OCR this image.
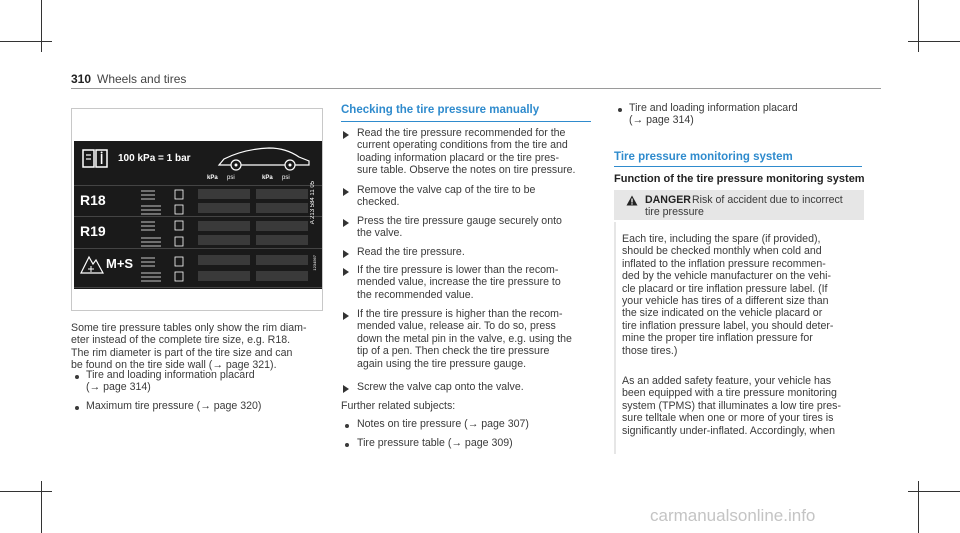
310 Wheels and tires
100 kPa = 1 bar
kPa psi	kPa psi
R18
R19
M+S
A 213 584 11 05
1234567
Some tire pressure tables only show the rim diam-
eter instead of the complete tire size, e.g. R18.
The rim diameter is part of the tire size and can
be found on the tire side wall (→ page 321).
Tire and loading information placard
(→ page 314)
Maximum tire pressure (→ page 320)
Checking the tire pressure manually
Read the tire pressure recommended for the
current operating conditions from the tire and
loading information placard or the tire pres-
sure table. Observe the notes on tire pressure.
Remove the valve cap of the tire to be
checked.
Press the tire pressure gauge securely onto
the valve.
Read the tire pressure.
If the tire pressure is lower than the recom-
mended value, increase the tire pressure to
the recommended value.
If the tire pressure is higher than the recom-
mended value, release air. To do so, press
down the metal pin in the valve, e.g. using the
tip of a pen. Then check the tire pressure
again using the tire pressure gauge.
Screw the valve cap onto the valve.
Further related subjects:
Notes on tire pressure (→ page 307)
Tire pressure table (→ page 309)
Tire and loading information placard
(→ page 314)
Tire pressure monitoring system
Function of the tire pressure monitoring system
DANGER Risk of accident due to incorrect
tire pressure
Each tire, including the spare (if provided),
should be checked monthly when cold and
inflated to the inflation pressure recommen-
ded by the vehicle manufacturer on the vehi-
cle placard or tire inflation pressure label. (If
your vehicle has tires of a different size than
the size indicated on the vehicle placard or
tire inflation pressure label, you should deter-
mine the proper tire inflation pressure for
those tires.)
As an added safety feature, your vehicle has
been equipped with a tire pressure monitoring
system (TPMS) that illuminates a low tire pres-
sure telltale when one or more of your tires is
significantly under-inflated. Accordingly, when
carmanualsonline.info
